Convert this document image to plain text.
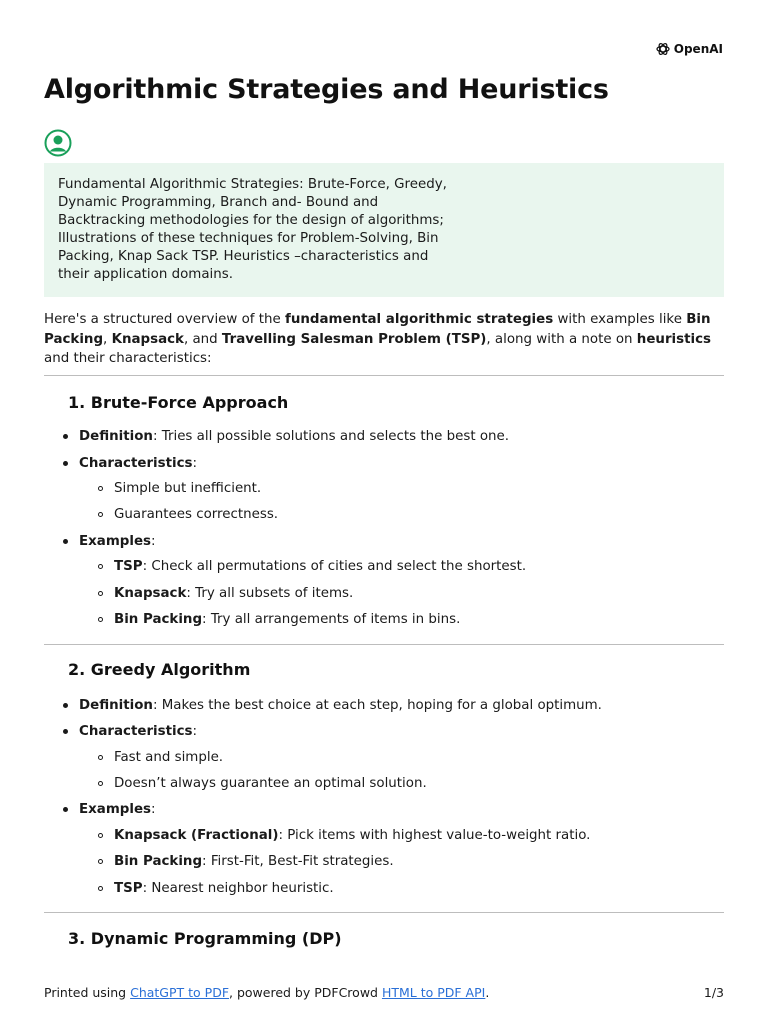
OpenAI
Algorithmic Strategies and Heuristics

Fundamental Algorithmic Strategies: Brute-Force, Greedy, Dynamic Programming, Branch and- Bound and Backtracking methodologies for the design of algorithms; Illustrations of these techniques for Problem-Solving, Bin Packing, Knap Sack TSP. Heuristics –characteristics and their application domains.

Here's a structured overview of the fundamental algorithmic strategies with examples like Bin Packing, Knapsack, and Travelling Salesman Problem (TSP), along with a note on heuristics and their characteristics:

1. Brute-Force Approach
Definition: Tries all possible solutions and selects the best one.
Characteristics:
Simple but inefficient.
Guarantees correctness.
Examples:
TSP: Check all permutations of cities and select the shortest.
Knapsack: Try all subsets of items.
Bin Packing: Try all arrangements of items in bins.
2. Greedy Algorithm
Definition: Makes the best choice at each step, hoping for a global optimum.
Characteristics:
Fast and simple.
Doesn’t always guarantee an optimal solution.
Examples:
Knapsack (Fractional): Pick items with highest value-to-weight ratio.
Bin Packing: First-Fit, Best-Fit strategies.
TSP: Nearest neighbor heuristic.
3. Dynamic Programming (DP)
Printed using ChatGPT to PDF, powered by PDFCrowd HTML to PDF API.	1/3
